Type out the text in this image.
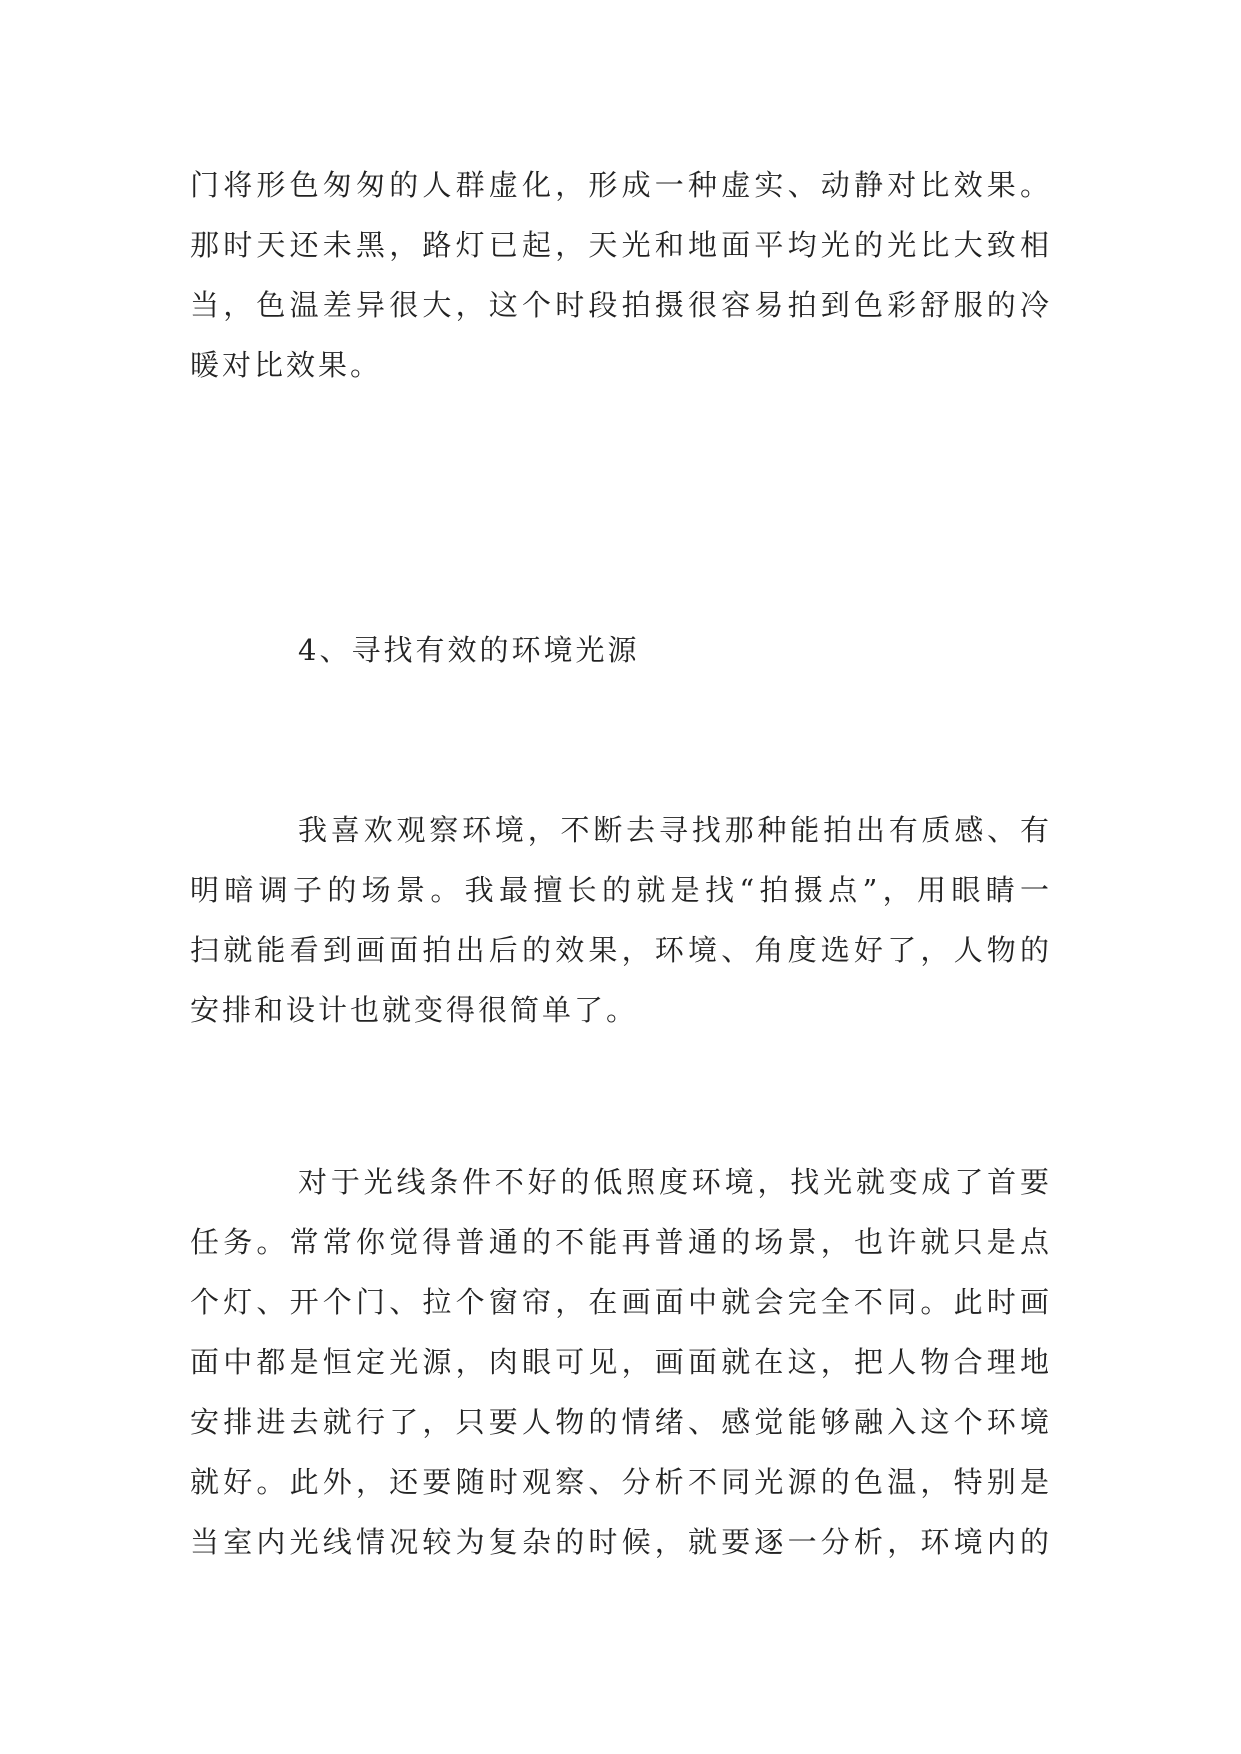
门将形色匆匆的人群虚化，形成一种虚实、动静对比效果。
那时天还未黑，路灯已起，天光和地面平均光的光比大致相
当，色温差异很大，这个时段拍摄很容易拍到色彩舒服的冷
暖对比效果。
4、寻找有效的环境光源
我喜欢观察环境，不断去寻找那种能拍出有质感、有
明暗调子的场景。我最擅长的就是找“拍摄点”，用眼睛一
扫就能看到画面拍出后的效果，环境、角度选好了，人物的
安排和设计也就变得很简单了。
对于光线条件不好的低照度环境，找光就变成了首要
任务。常常你觉得普通的不能再普通的场景，也许就只是点
个灯、开个门、拉个窗帘，在画面中就会完全不同。此时画
面中都是恒定光源，肉眼可见，画面就在这，把人物合理地
安排进去就行了，只要人物的情绪、感觉能够融入这个环境
就好。此外，还要随时观察、分析不同光源的色温，特别是
当室内光线情况较为复杂的时候，就要逐一分析，环境内的
